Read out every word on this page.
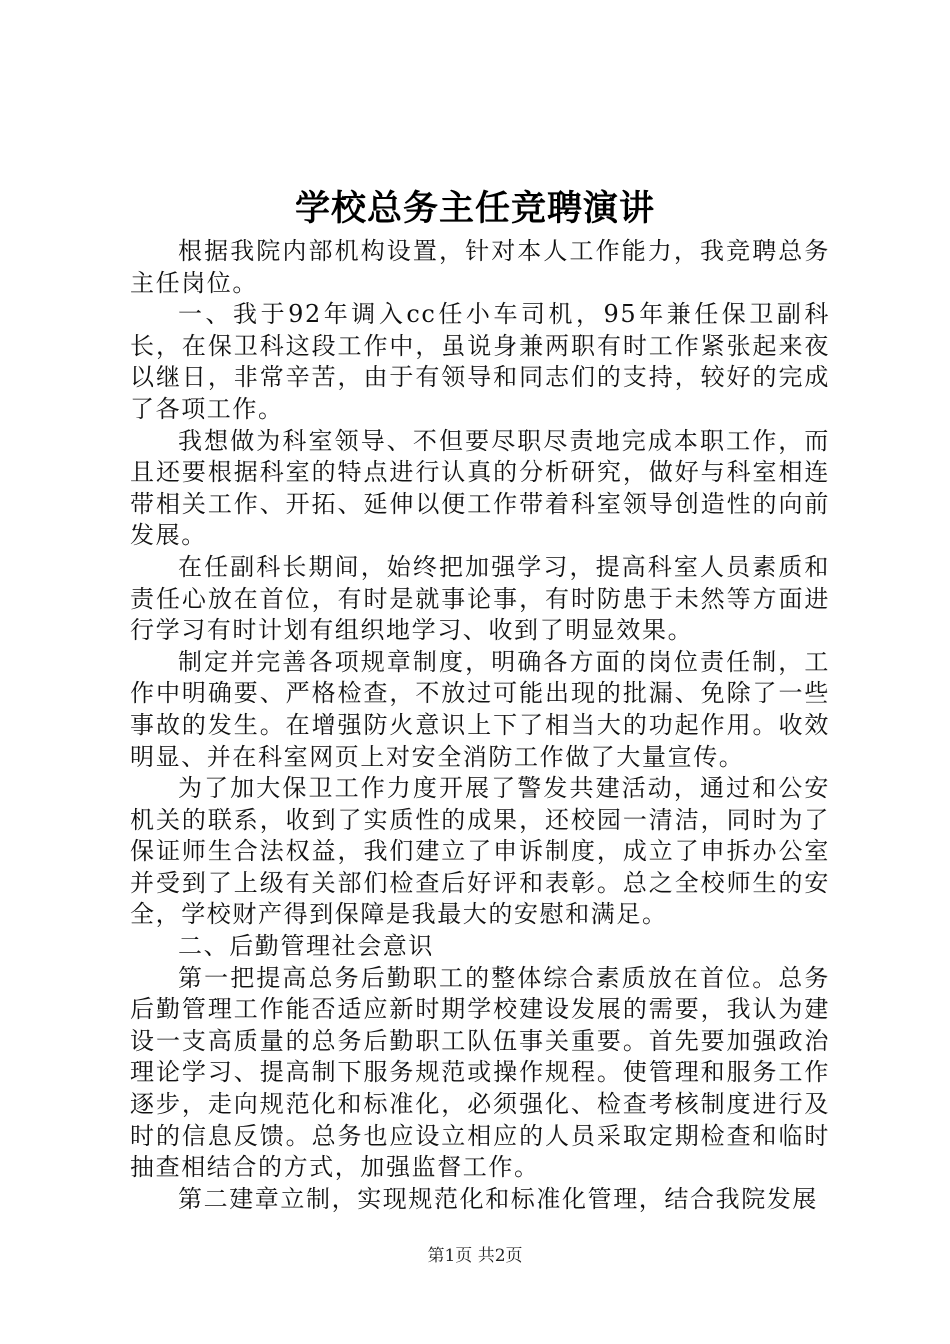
学校总务主任竞聘演讲

根据我院内部机构设置，针对本人工作能力，我竞聘总务主任岗位。

一、我于92年调入cc任小车司机，95年兼任保卫副科长，在保卫科这段工作中，虽说身兼两职有时工作紧张起来夜以继日，非常辛苦，由于有领导和同志们的支持，较好的完成了各项工作。

我想做为科室领导、不但要尽职尽责地完成本职工作，而且还要根据科室的特点进行认真的分析研究，做好与科室相连带相关工作、开拓、延伸以便工作带着科室领导创造性的向前发展。

在任副科长期间，始终把加强学习，提高科室人员素质和责任心放在首位，有时是就事论事，有时防患于未然等方面进行学习有时计划有组织地学习、收到了明显效果。

制定并完善各项规章制度，明确各方面的岗位责任制，工作中明确要、严格检查，不放过可能出现的批漏、免除了一些事故的发生。在增强防火意识上下了相当大的功起作用。收效明显、并在科室网页上对安全消防工作做了大量宣传。

为了加大保卫工作力度开展了警发共建活动，通过和公安机关的联系，收到了实质性的成果，还校园一清洁，同时为了保证师生合法权益，我们建立了申诉制度，成立了申拆办公室并受到了上级有关部们检查后好评和表彰。总之全校师生的安全，学校财产得到保障是我最大的安慰和满足。

二、后勤管理社会意识

第一把提高总务后勤职工的整体综合素质放在首位。总务后勤管理工作能否适应新时期学校建设发展的需要，我认为建设一支高质量的总务后勤职工队伍事关重要。首先要加强政治理论学习、提高制下服务规范或操作规程。使管理和服务工作逐步，走向规范化和标准化，必须强化、检查考核制度进行及时的信息反馈。总务也应设立相应的人员采取定期检查和临时抽查相结合的方式，加强监督工作。

第二建章立制，实现规范化和标准化管理，结合我院发展

第1页 共2页
